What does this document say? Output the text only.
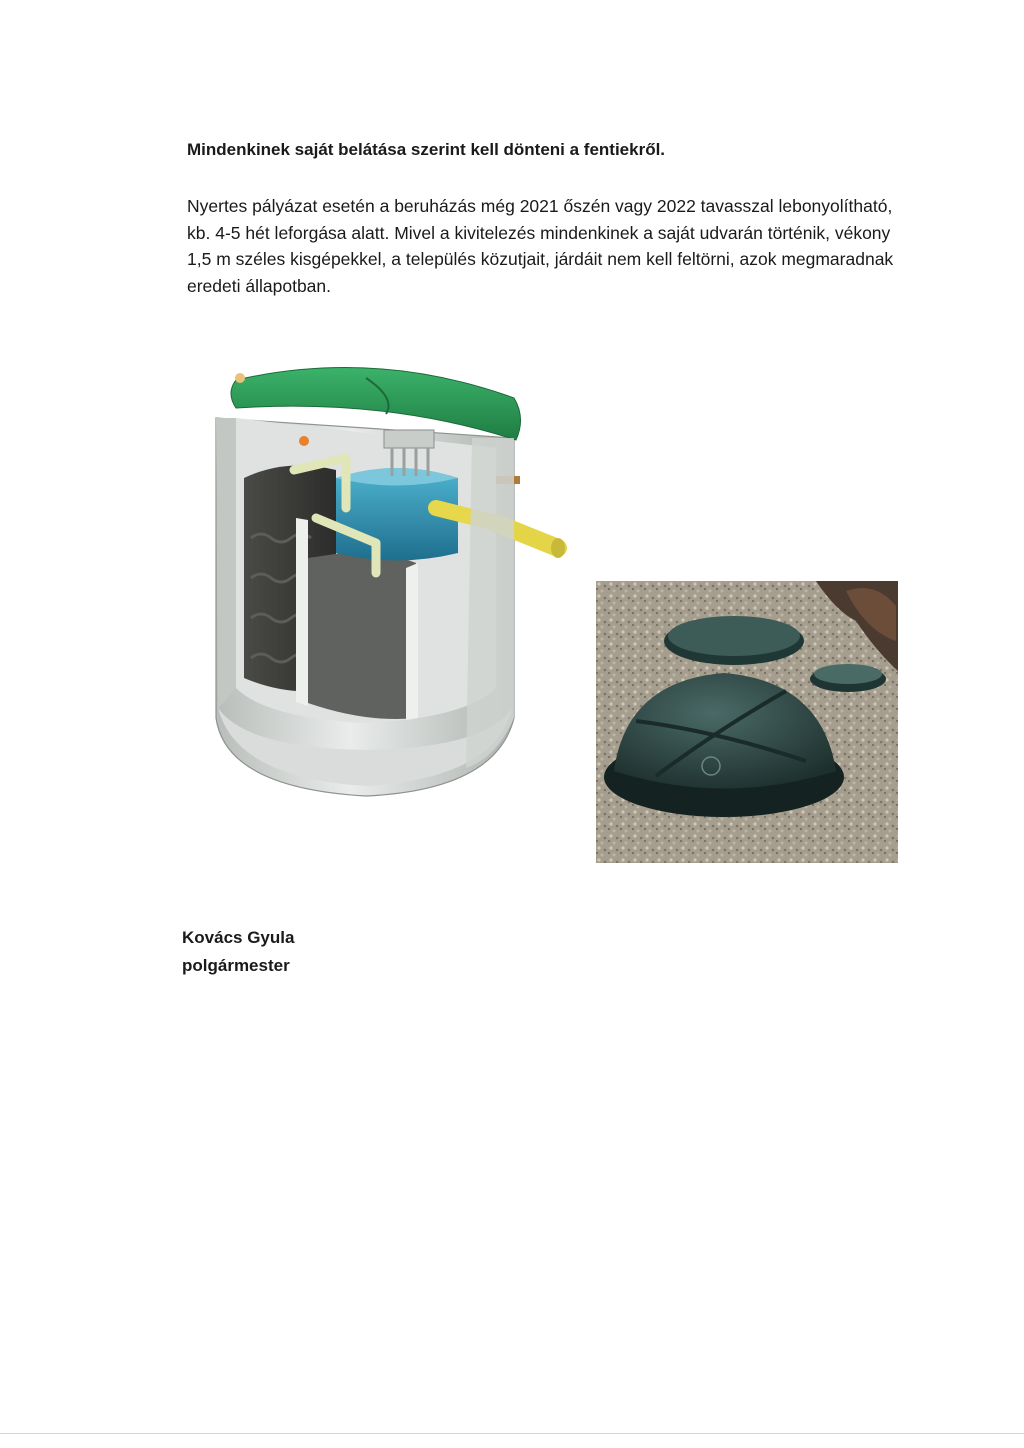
Mindenkinek saját belátása szerint kell dönteni a fentiekről.

Nyertes pályázat esetén a beruházás még 2021 őszén vagy 2022 tavasszal lebonyolítható, kb. 4-5 hét leforgása alatt. Mivel a kivitelezés mindenkinek a saját udvarán történik, vékony 1,5 m széles kisgépekkel, a település közutjait, járdáit nem kell feltörni, azok megmaradnak eredeti állapotban.

Kovács Gyula
polgármester
